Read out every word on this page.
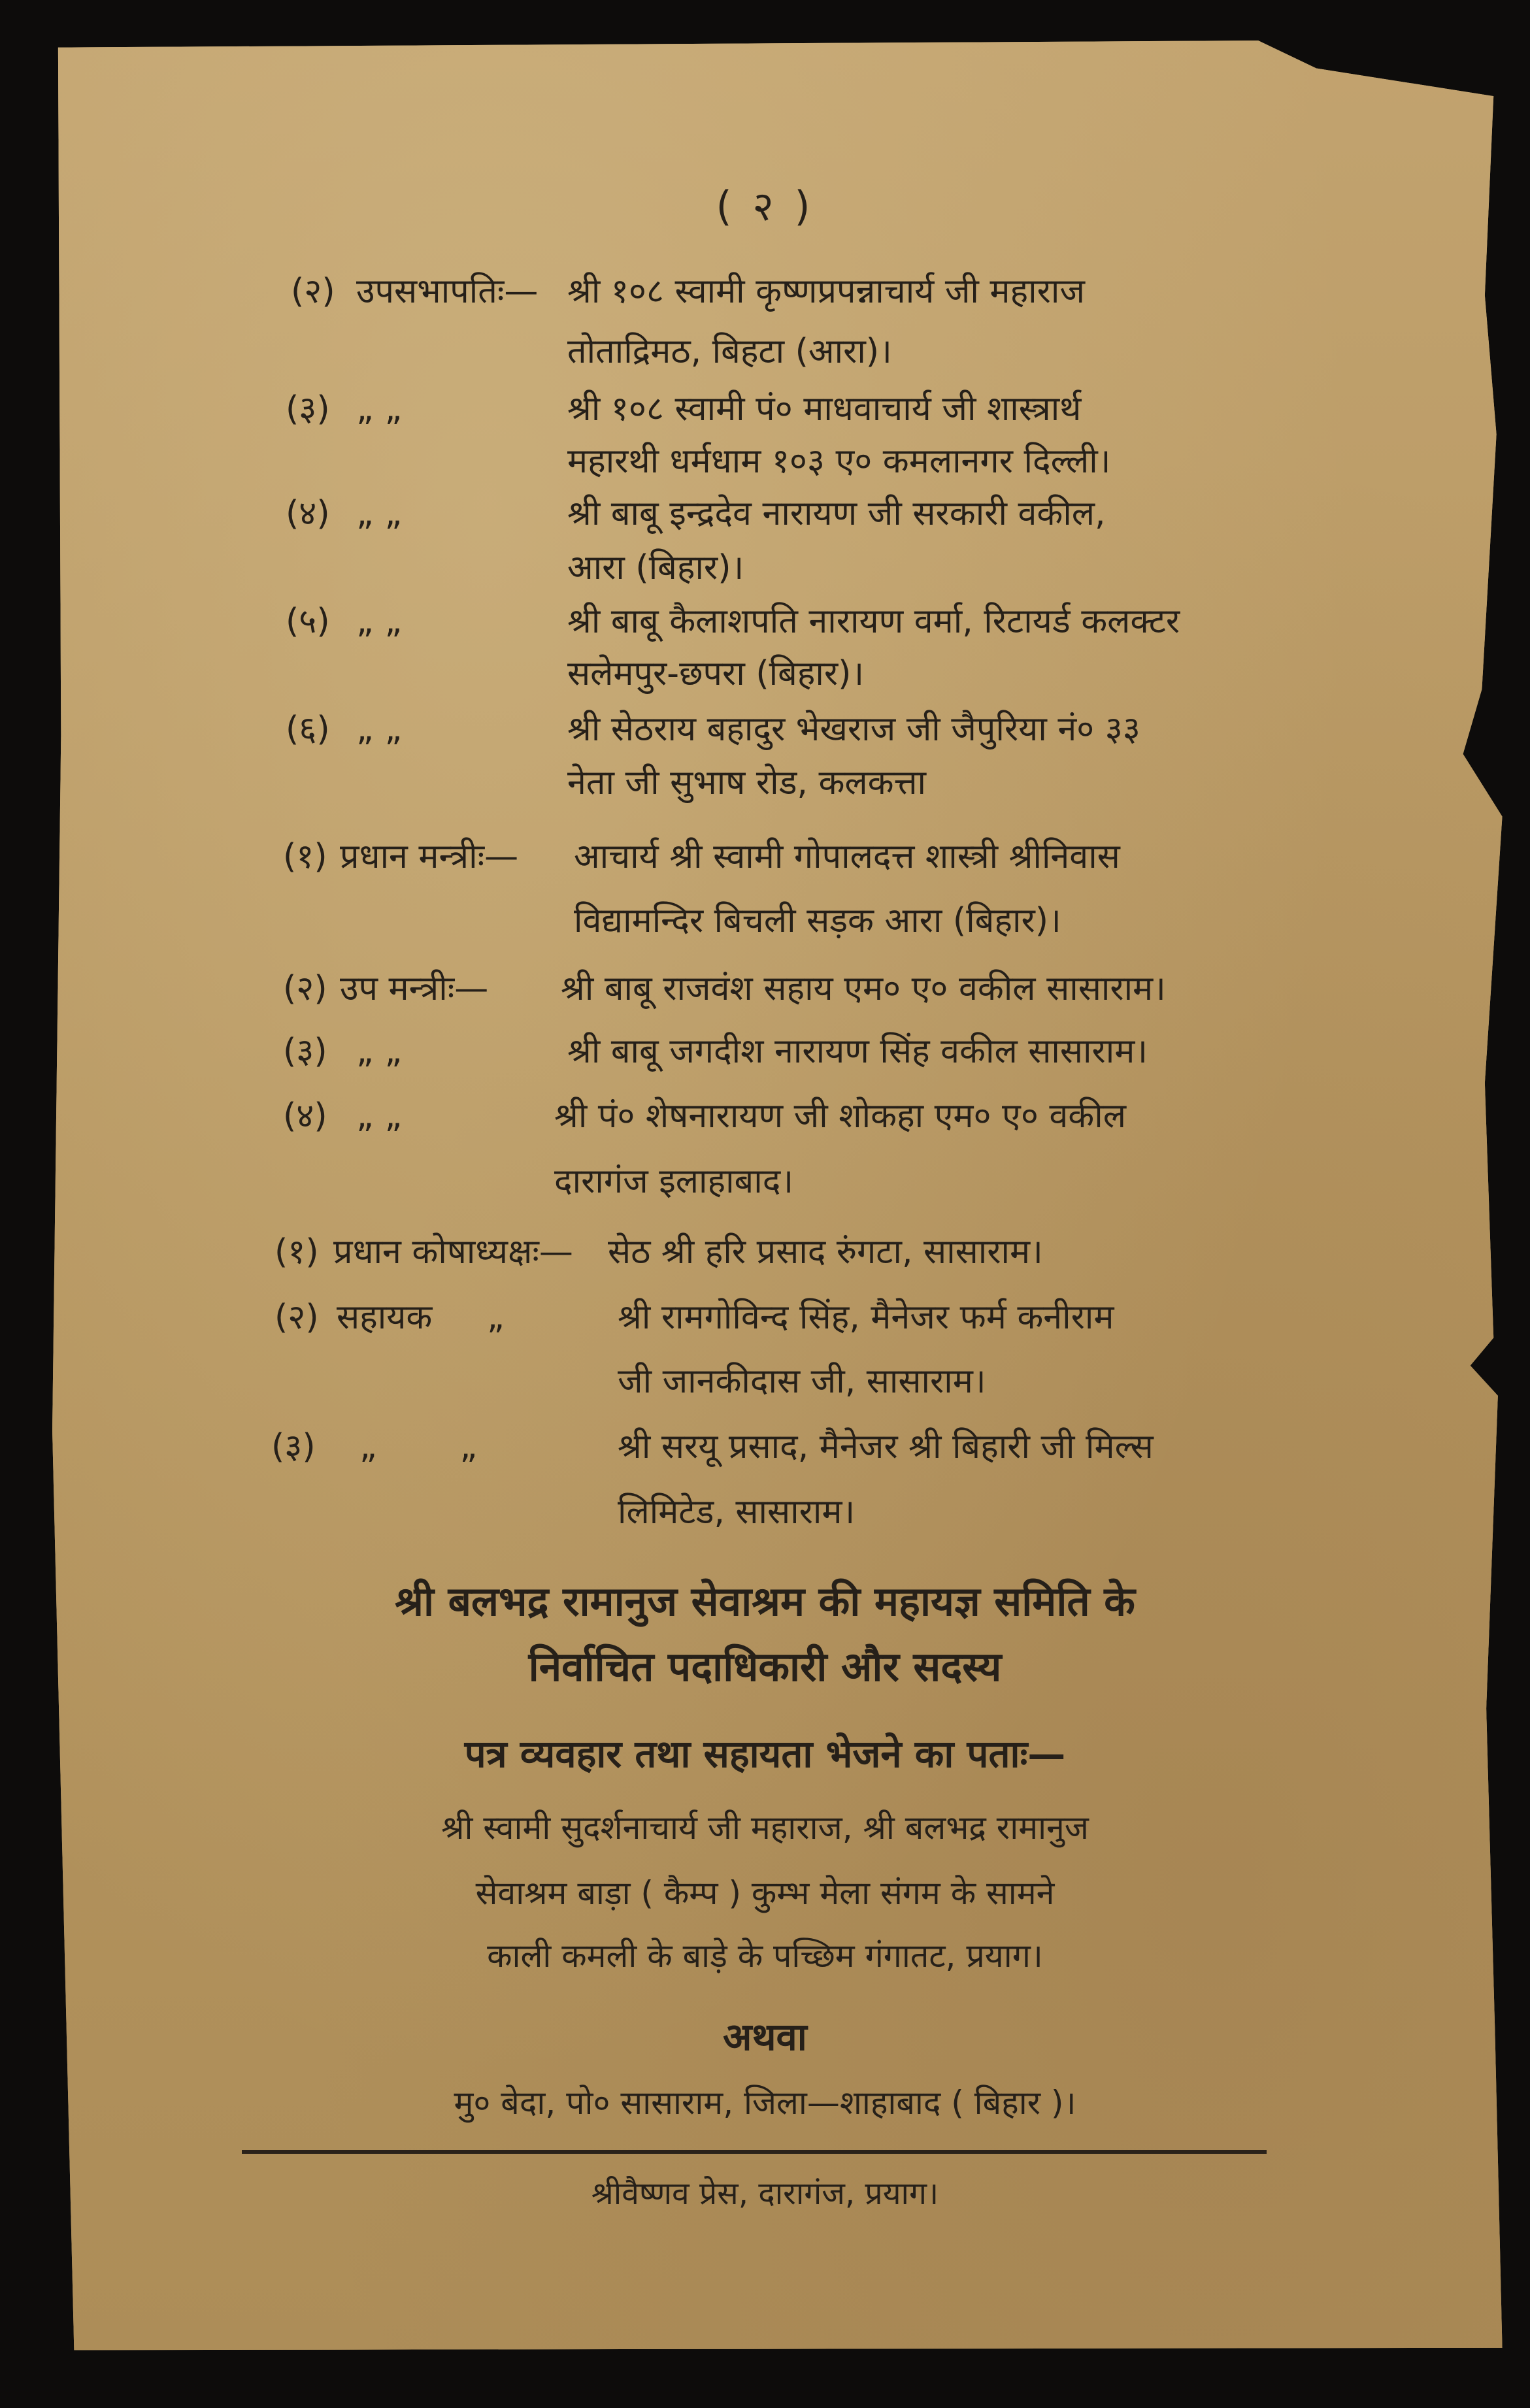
( २ )
(२) उपसभापतिः— श्री १०८ स्वामी कृष्णप्रपन्नाचार्य जी महाराज
तोताद्रिमठ, बिहटा (आरा)।
(३) „ „	श्री १०८ स्वामी पं० माधवाचार्य जी शास्त्रार्थ
महारथी धर्मधाम १०३ ए० कमलानगर दिल्ली।
(४) „ „	श्री बाबू इन्द्रदेव नारायण जी सरकारी वकील,
आरा (बिहार)।
(५) „ „	श्री बाबू कैलाशपति नारायण वर्मा, रिटायर्ड कलक्टर
सलेमपुर-छपरा (बिहार)।
(६) „ „	श्री सेठराय बहादुर भेखराज जी जैपुरिया नं० ३३
नेता जी सुभाष रोड, कलकत्ता
(१) प्रधान मन्त्रीः— आचार्य श्री स्वामी गोपालदत्त शास्त्री श्रीनिवास
विद्यामन्दिर बिचली सड़क आरा (बिहार)।
(२) उप मन्त्रीः— श्री बाबू राजवंश सहाय एम० ए० वकील सासाराम।
(३) „ „	श्री बाबू जगदीश नारायण सिंह वकील सासाराम।
(४) „ „	श्री पं० शेषनारायण जी शोकहा एम० ए० वकील
दारागंज इलाहाबाद।
(१) प्रधान कोषाध्यक्षः— सेठ श्री हरि प्रसाद रुंगटा, सासाराम।
(२) सहायक „	श्री रामगोविन्द सिंह, मैनेजर फर्म कनीराम
जी जानकीदास जी, सासाराम।
(३) „ „	श्री सरयू प्रसाद, मैनेजर श्री बिहारी जी मिल्स
लिमिटेड, सासाराम।
श्री बलभद्र रामानुज सेवाश्रम की महायज्ञ समिति के
निर्वाचित पदाधिकारी और सदस्य
पत्र व्यवहार तथा सहायता भेजने का पताः—
श्री स्वामी सुदर्शनाचार्य जी महाराज, श्री बलभद्र रामानुज
सेवाश्रम बाड़ा ( कैम्प ) कुम्भ मेला संगम के सामने
काली कमली के बाड़े के पच्छिम गंगातट, प्रयाग।
अथवा
मु० बेदा, पो० सासाराम, जिला—शाहाबाद ( बिहार )।
श्रीवैष्णव प्रेस, दारागंज, प्रयाग।
